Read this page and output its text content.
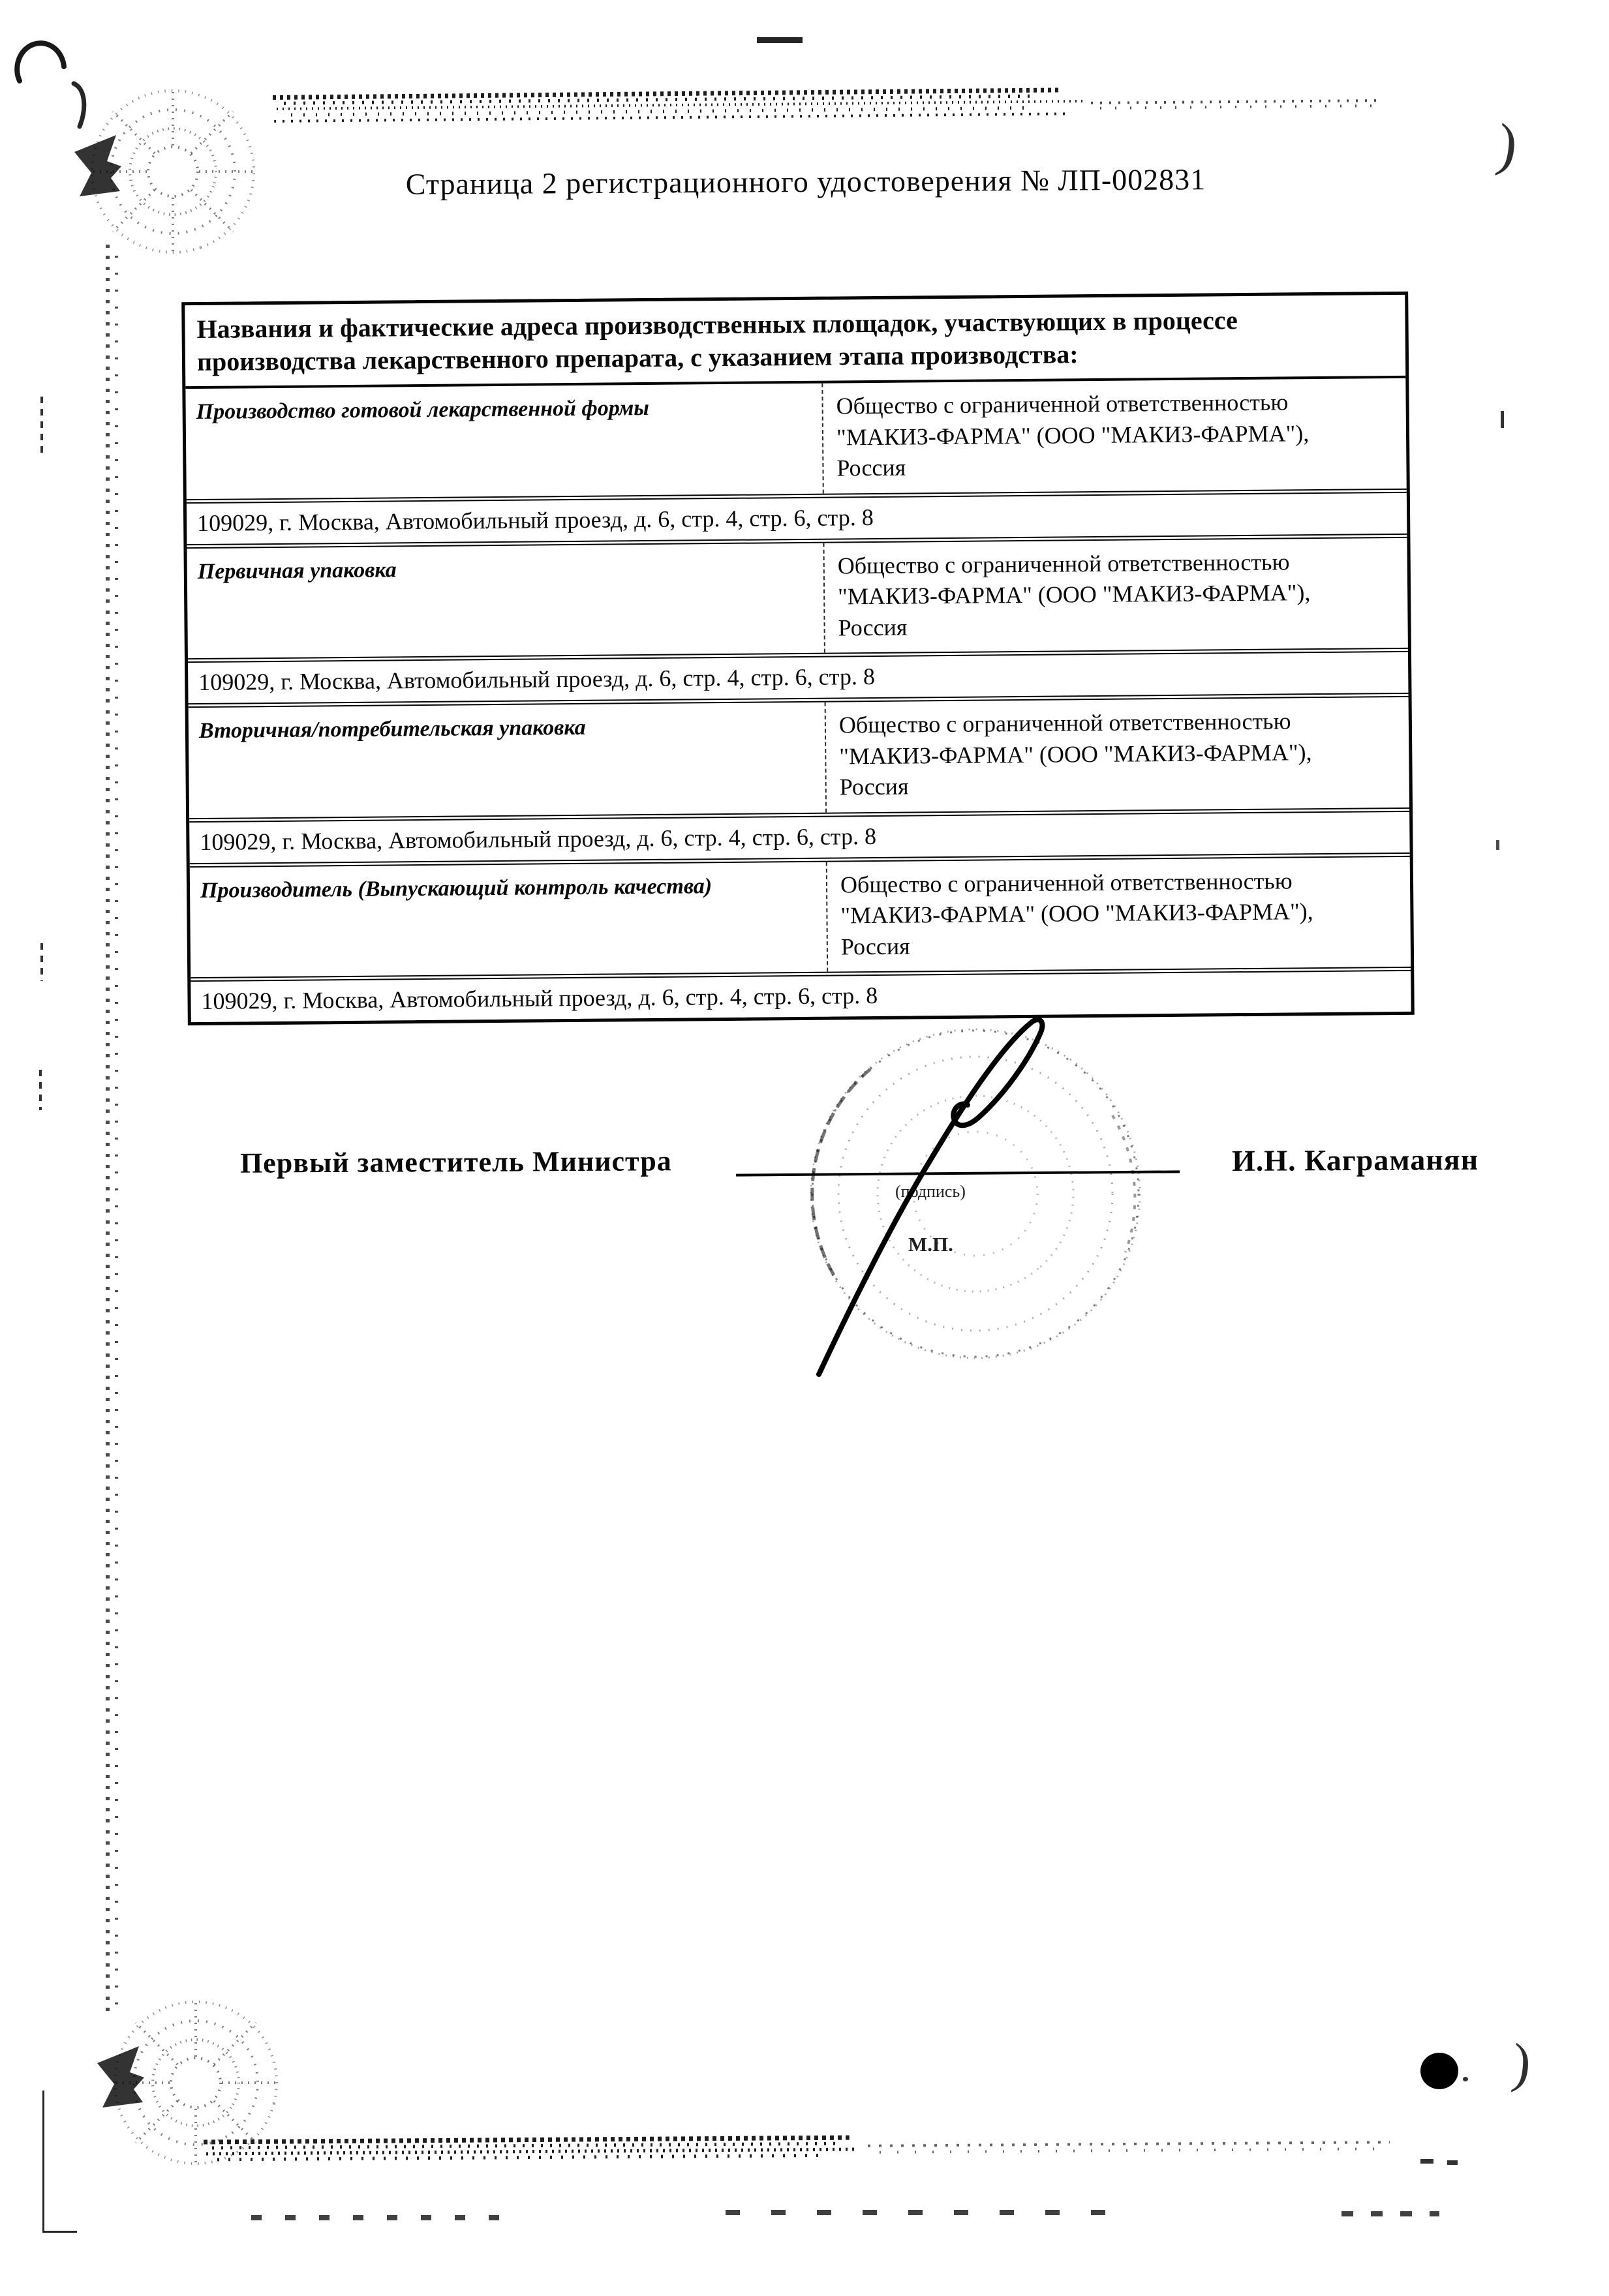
)
)
Страница 2 регистрационного удостоверения № ЛП-002831
Названия и фактические адреса производственных площадок, участвующих в процессе
производства лекарственного препарата, с указанием этапа производства:
Производство готовой лекарственной формы	Общество с ограниченной ответственностью
"МАКИЗ-ФАРМА" (ООО "МАКИЗ-ФАРМА"),
Россия
109029, г. Москва, Автомобильный проезд, д. 6, стр. 4, стр. 6, стр. 8
Первичная упаковка	Общество с ограниченной ответственностью
"МАКИЗ-ФАРМА" (ООО "МАКИЗ-ФАРМА"),
Россия
109029, г. Москва, Автомобильный проезд, д. 6, стр. 4, стр. 6, стр. 8
Вторичная/потребительская упаковка	Общество с ограниченной ответственностью
"МАКИЗ-ФАРМА" (ООО "МАКИЗ-ФАРМА"),
Россия
109029, г. Москва, Автомобильный проезд, д. 6, стр. 4, стр. 6, стр. 8
Производитель (Выпускающий контроль качества)	Общество с ограниченной ответственностью
"МАКИЗ-ФАРМА" (ООО "МАКИЗ-ФАРМА"),
Россия
109029, г. Москва, Автомобильный проезд, д. 6, стр. 4, стр. 6, стр. 8
Первый заместитель Министра
(подпись)
М.П.
И.Н. Каграманян
